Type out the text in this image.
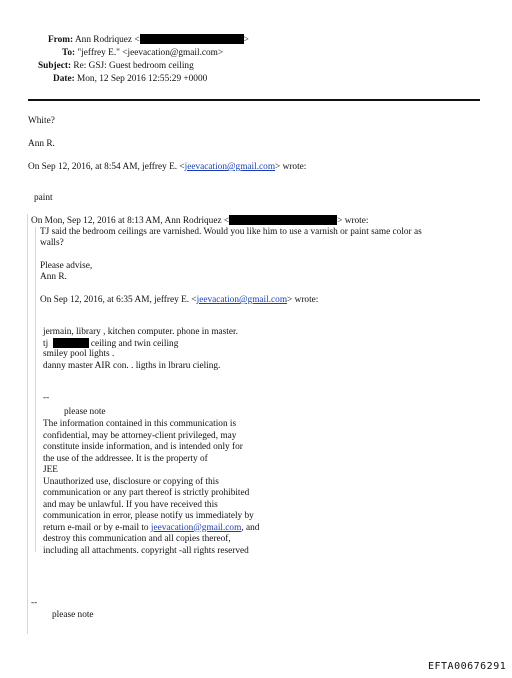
From: Ann Rodriquez <	>
To: "jeffrey E." <jeevacation@gmail.com>
Subject: Re: GSJ: Guest bedroom ceiling
Date: Mon, 12 Sep 2016 12:55:29 +0000
White?
Ann R.
On Sep 12, 2016, at 8:54 AM, jeffrey E. <jeevacation@gmail.com> wrote:
paint
On Mon, Sep 12, 2016 at 8:13 AM, Ann Rodriquez <	> wrote:
TJ said the bedroom ceilings are varnished. Would you like him to use a varnish or paint same color as
walls?
Please advise,
Ann R.
On Sep 12, 2016, at 6:35 AM, jeffrey E. <jeevacation@gmail.com> wrote:
jermain, library , kitchen computer. phone in master.
tj	ceiling and twin ceiling
smiley pool lights .
danny master AIR con. . ligths in lbraru cieling.
--
please note
The information contained in this communication is
confidential, may be attorney-client privileged, may
constitute inside information, and is intended only for
the use of the addressee. It is the property of
JEE
Unauthorized use, disclosure or copying of this
communication or any part thereof is strictly prohibited
and may be unlawful. If you have received this
communication in error, please notify us immediately by
return e-mail or by e-mail to jeevacation@gmail.com, and
destroy this communication and all copies thereof,
including all attachments. copyright -all rights reserved
--
please note
EFTA00676291
